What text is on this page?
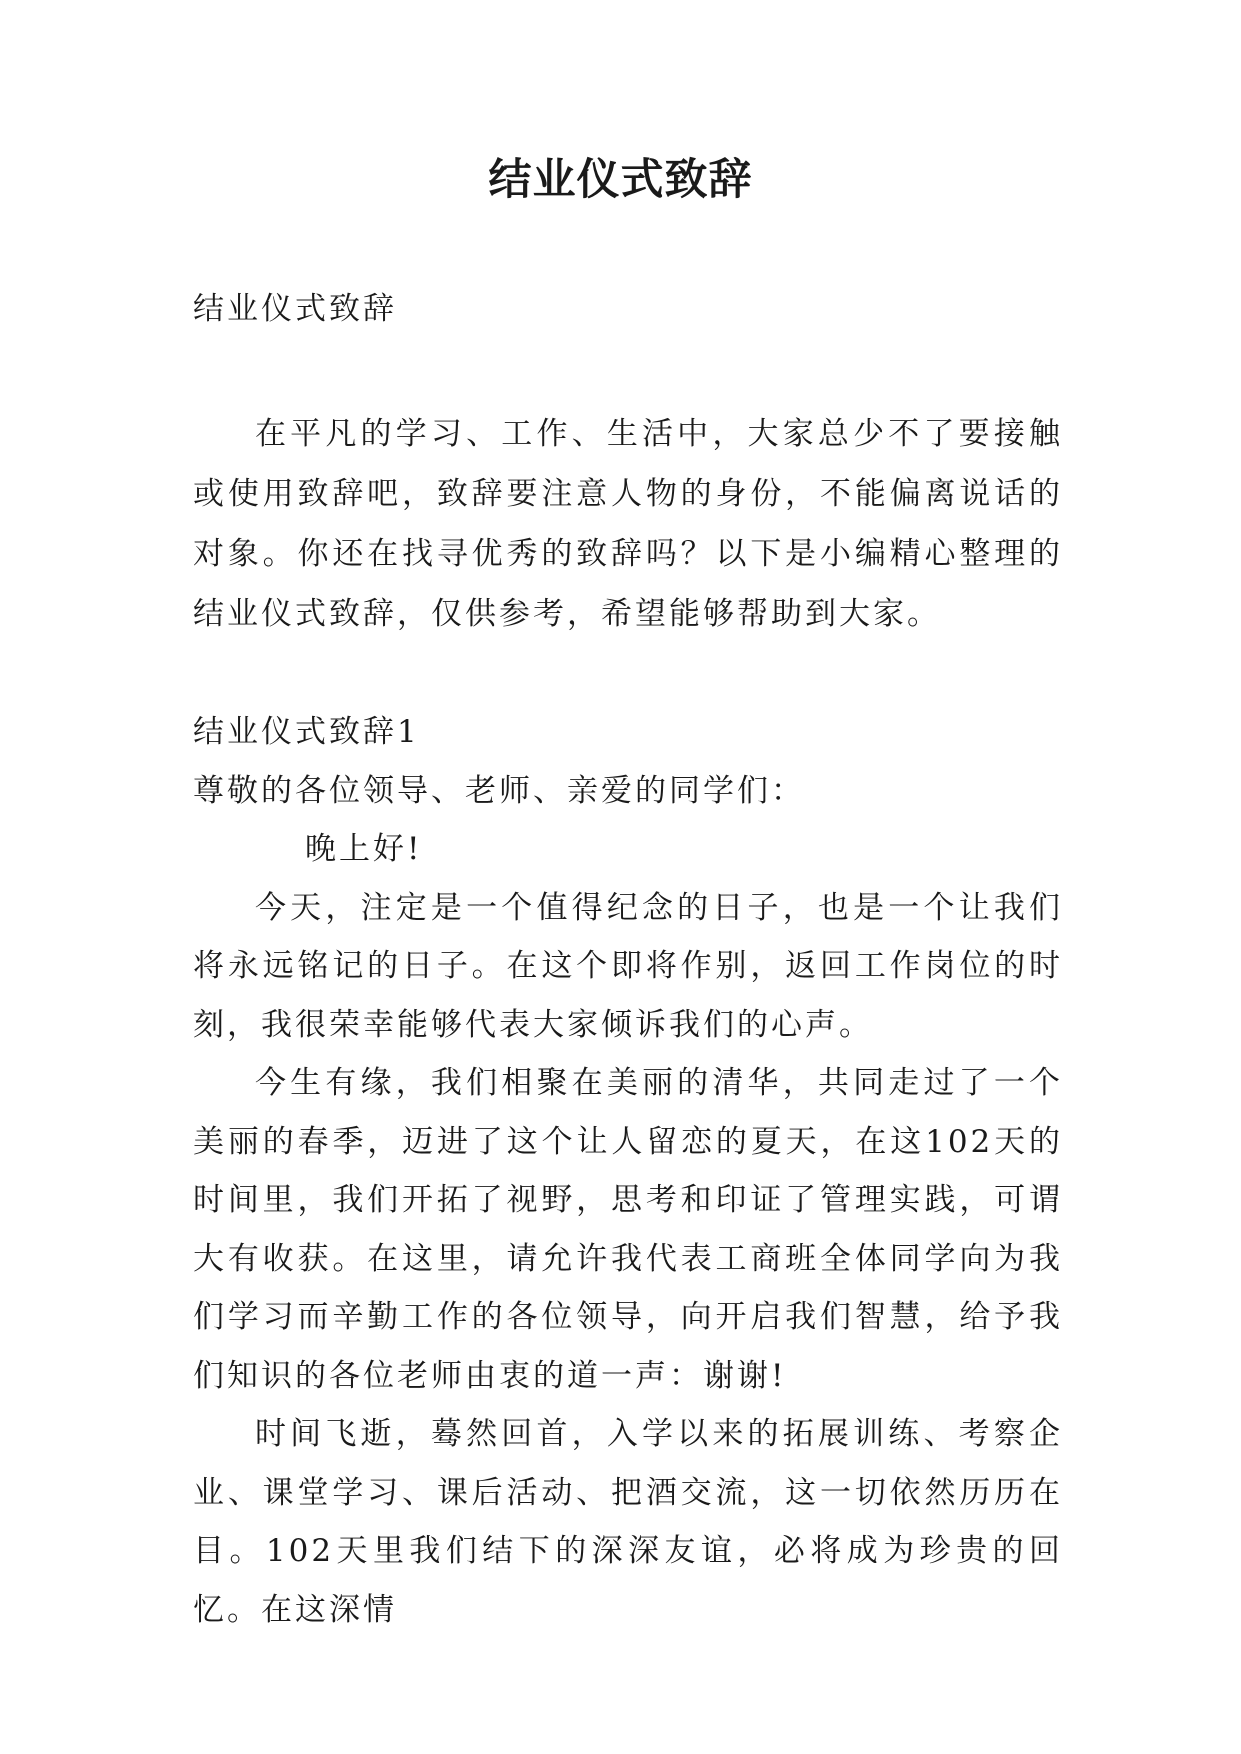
结业仪式致辞

结业仪式致辞

在平凡的学习、工作、生活中，大家总少不了要接触或使用致辞吧，致辞要注意人物的身份，不能偏离说话的对象。你还在找寻优秀的致辞吗？以下是小编精心整理的结业仪式致辞，仅供参考，希望能够帮助到大家。

结业仪式致辞1

尊敬的各位领导、老师、亲爱的同学们：

晚上好!

今天，注定是一个值得纪念的日子，也是一个让我们将永远铭记的日子。在这个即将作别，返回工作岗位的时刻，我很荣幸能够代表大家倾诉我们的心声。

今生有缘，我们相聚在美丽的清华，共同走过了一个美丽的春季，迈进了这个让人留恋的夏天，在这102天的时间里，我们开拓了视野，思考和印证了管理实践，可谓大有收获。在这里，请允许我代表工商班全体同学向为我们学习而辛勤工作的各位领导，向开启我们智慧，给予我们知识的各位老师由衷的道一声：谢谢!

时间飞逝，蓦然回首，入学以来的拓展训练、考察企业、课堂学习、课后活动、把酒交流，这一切依然历历在目。102天里我们结下的深深友谊，必将成为珍贵的回忆。在这深情
